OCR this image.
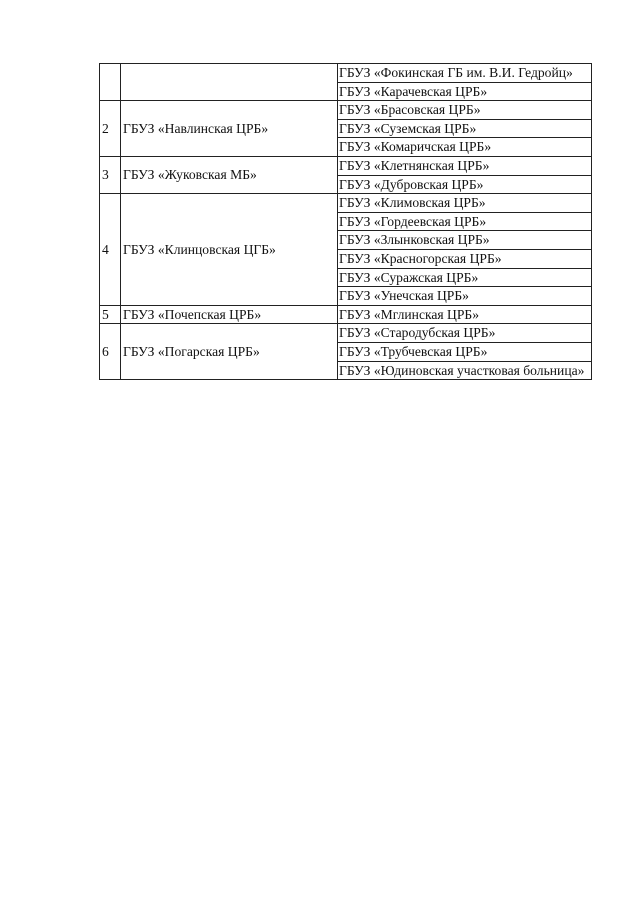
		ГБУЗ «Фокинская ГБ им. В.И. Гедройц»
		ГБУЗ «Карачевская ЦРБ»
2	ГБУЗ «Навлинская ЦРБ»	ГБУЗ «Брасовская ЦРБ»
		ГБУЗ «Суземская ЦРБ»
		ГБУЗ «Комаричская ЦРБ»
3	ГБУЗ «Жуковская МБ»	ГБУЗ «Клетнянская ЦРБ»
		ГБУЗ «Дубровская ЦРБ»
4	ГБУЗ «Клинцовская ЦГБ»	ГБУЗ «Климовская ЦРБ»
		ГБУЗ «Гордеевская ЦРБ»
		ГБУЗ «Злынковская ЦРБ»
		ГБУЗ «Красногорская ЦРБ»
		ГБУЗ «Суражская ЦРБ»
		ГБУЗ «Унечская ЦРБ»
5	ГБУЗ «Почепская ЦРБ»	ГБУЗ «Мглинская ЦРБ»
6	ГБУЗ «Погарская ЦРБ»	ГБУЗ «Стародубская ЦРБ»
		ГБУЗ «Трубчевская ЦРБ»
		ГБУЗ «Юдиновская участковая больница»
